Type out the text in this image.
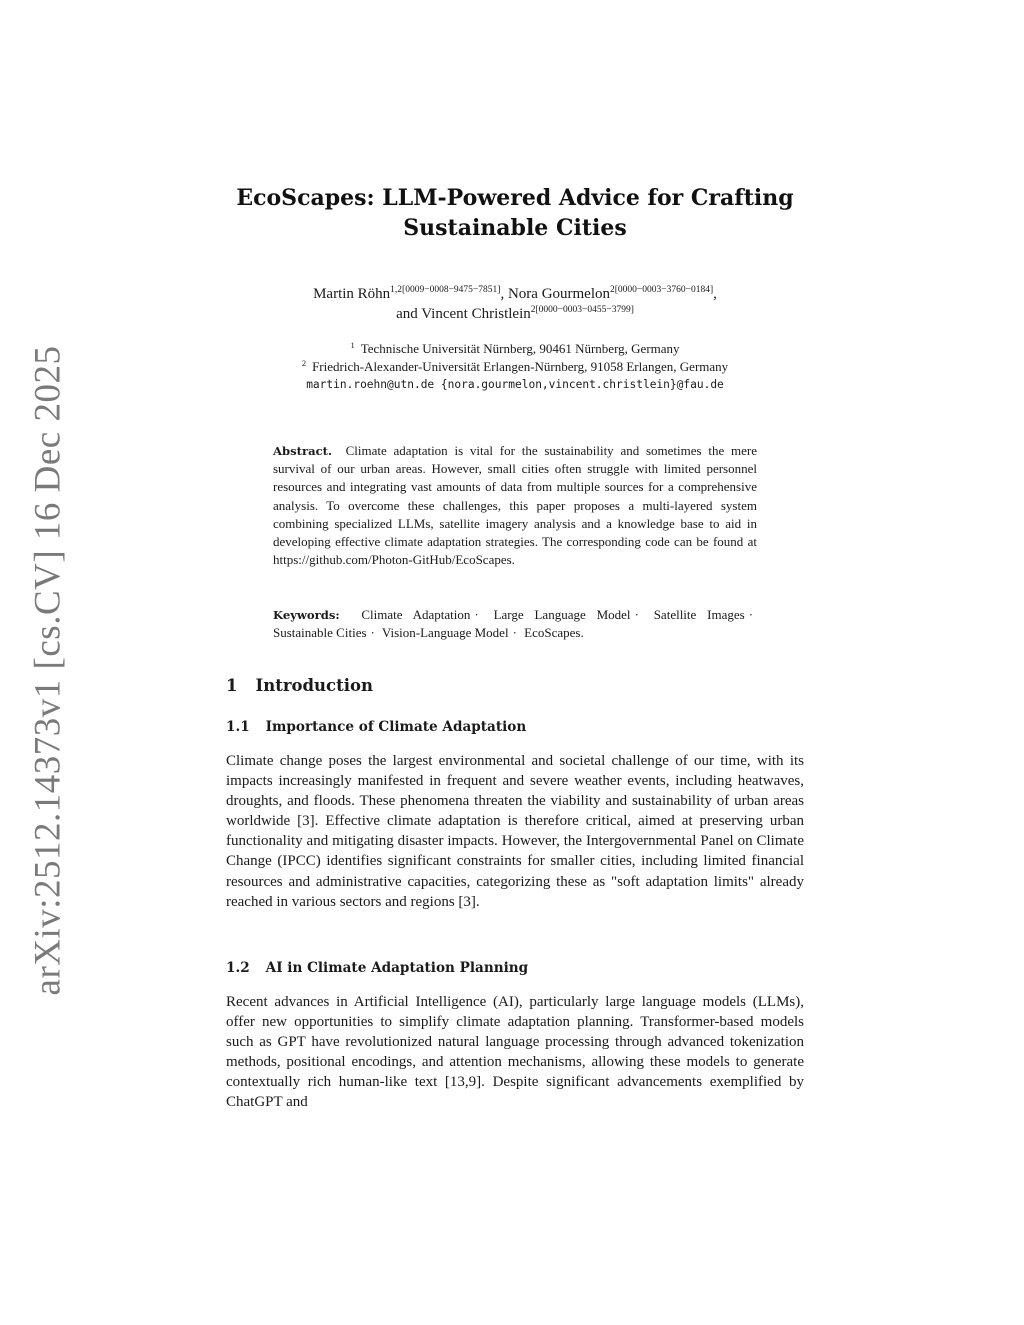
arXiv:2512.14373v1 [cs.CV] 16 Dec 2025
EcoScapes: LLM-Powered Advice for Crafting Sustainable Cities
Martin Röhn$^{1,2[0009-0008-9475-7851]}$, Nora Gourmelon$^{2[0000-0003-3760-0184]}$,
and Vincent Christlein$^{2[0000-0003-0455-3799]}$
$^1$ Technische Universität Nürnberg, 90461 Nürnberg, Germany
$^2$ Friedrich-Alexander-Universität Erlangen-Nürnberg, 91058 Erlangen, Germany
martin.roehn@utn.de {nora.gourmelon,vincent.christlein}@fau.de
Abstract. Climate adaptation is vital for the sustainability and sometimes the mere survival of our urban areas. However, small cities often struggle with limited personnel resources and integrating vast amounts of data from multiple sources for a comprehensive analysis. To overcome these challenges, this paper proposes a multi-layered system combining specialized LLMs, satellite imagery analysis and a knowledge base to aid in developing effective climate adaptation strategies. The corresponding code can be found at https://github.com/Photon-GitHub/EcoScapes.
Keywords: Climate Adaptation · Large Language Model · Satellite Images · Sustainable Cities · Vision-Language Model · EcoScapes.
1 Introduction
1.1 Importance of Climate Adaptation
Climate change poses the largest environmental and societal challenge of our time, with its impacts increasingly manifested in frequent and severe weather events, including heatwaves, droughts, and floods. These phenomena threaten the viability and sustainability of urban areas worldwide [3]. Effective climate adaptation is therefore critical, aimed at preserving urban functionality and mitigating disaster impacts. However, the Intergovernmental Panel on Climate Change (IPCC) identifies significant constraints for smaller cities, including limited financial resources and administrative capacities, categorizing these as "soft adaptation limits" already reached in various sectors and regions [3].
1.2 AI in Climate Adaptation Planning
Recent advances in Artificial Intelligence (AI), particularly large language models (LLMs), offer new opportunities to simplify climate adaptation planning. Transformer-based models such as GPT have revolutionized natural language processing through advanced tokenization methods, positional encodings, and attention mechanisms, allowing these models to generate contextually rich human-like text [13,9]. Despite significant advancements exemplified by ChatGPT and
